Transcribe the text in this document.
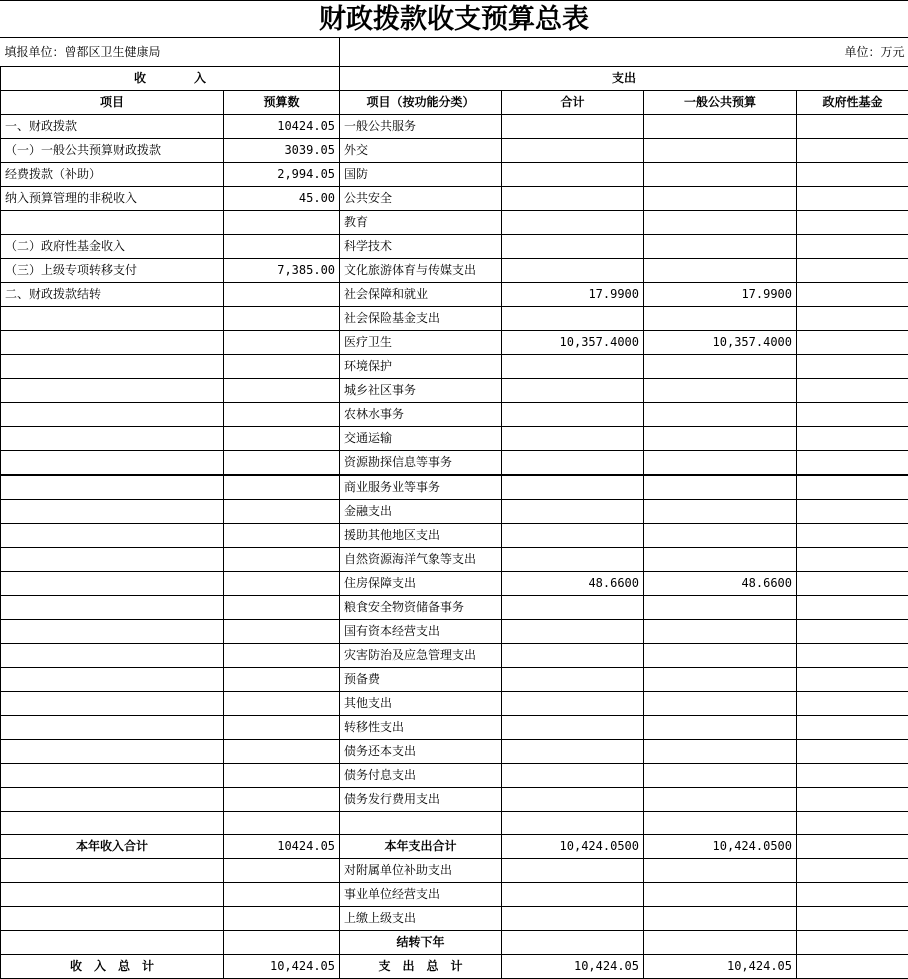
财政拨款收支预算总表
填报单位：曾都区卫生健康局		单位：万元			
收　　　　入		支出			
项目	预算数	项目（按功能分类）	合计	一般公共预算	政府性基金
一、财政拨款	10424.05	一般公共服务			
（一）一般公共预算财政拨款	3039.05	外交			
经费拨款（补助）	2,994.05	国防			
纳入预算管理的非税收入	45.00	公共安全			
		教育			
（二）政府性基金收入		科学技术			
（三）上级专项转移支付	7,385.00	文化旅游体育与传媒支出			
二、财政拨款结转		社会保障和就业	17.9900	17.9900	
		社会保险基金支出			
		医疗卫生	10,357.4000	10,357.4000	
		环境保护			
		城乡社区事务			
		农林水事务			
		交通运输			
		资源勘探信息等事务			
		商业服务业等事务			
		金融支出			
		援助其他地区支出			
		自然资源海洋气象等支出			
		住房保障支出	48.6600	48.6600	
		粮食安全物资储备事务			
		国有资本经营支出			
		灾害防治及应急管理支出			
		预备费			
		其他支出			
		转移性支出			
		债务还本支出			
		债务付息支出			
		债务发行费用支出			

本年收入合计	10424.05	本年支出合计	10,424.0500	10,424.0500	
		对附属单位补助支出			
		事业单位经营支出			
		上缴上级支出			
		结转下年			
收　入　总　计	10,424.05	支　出　总　计	10,424.05	10,424.05	
